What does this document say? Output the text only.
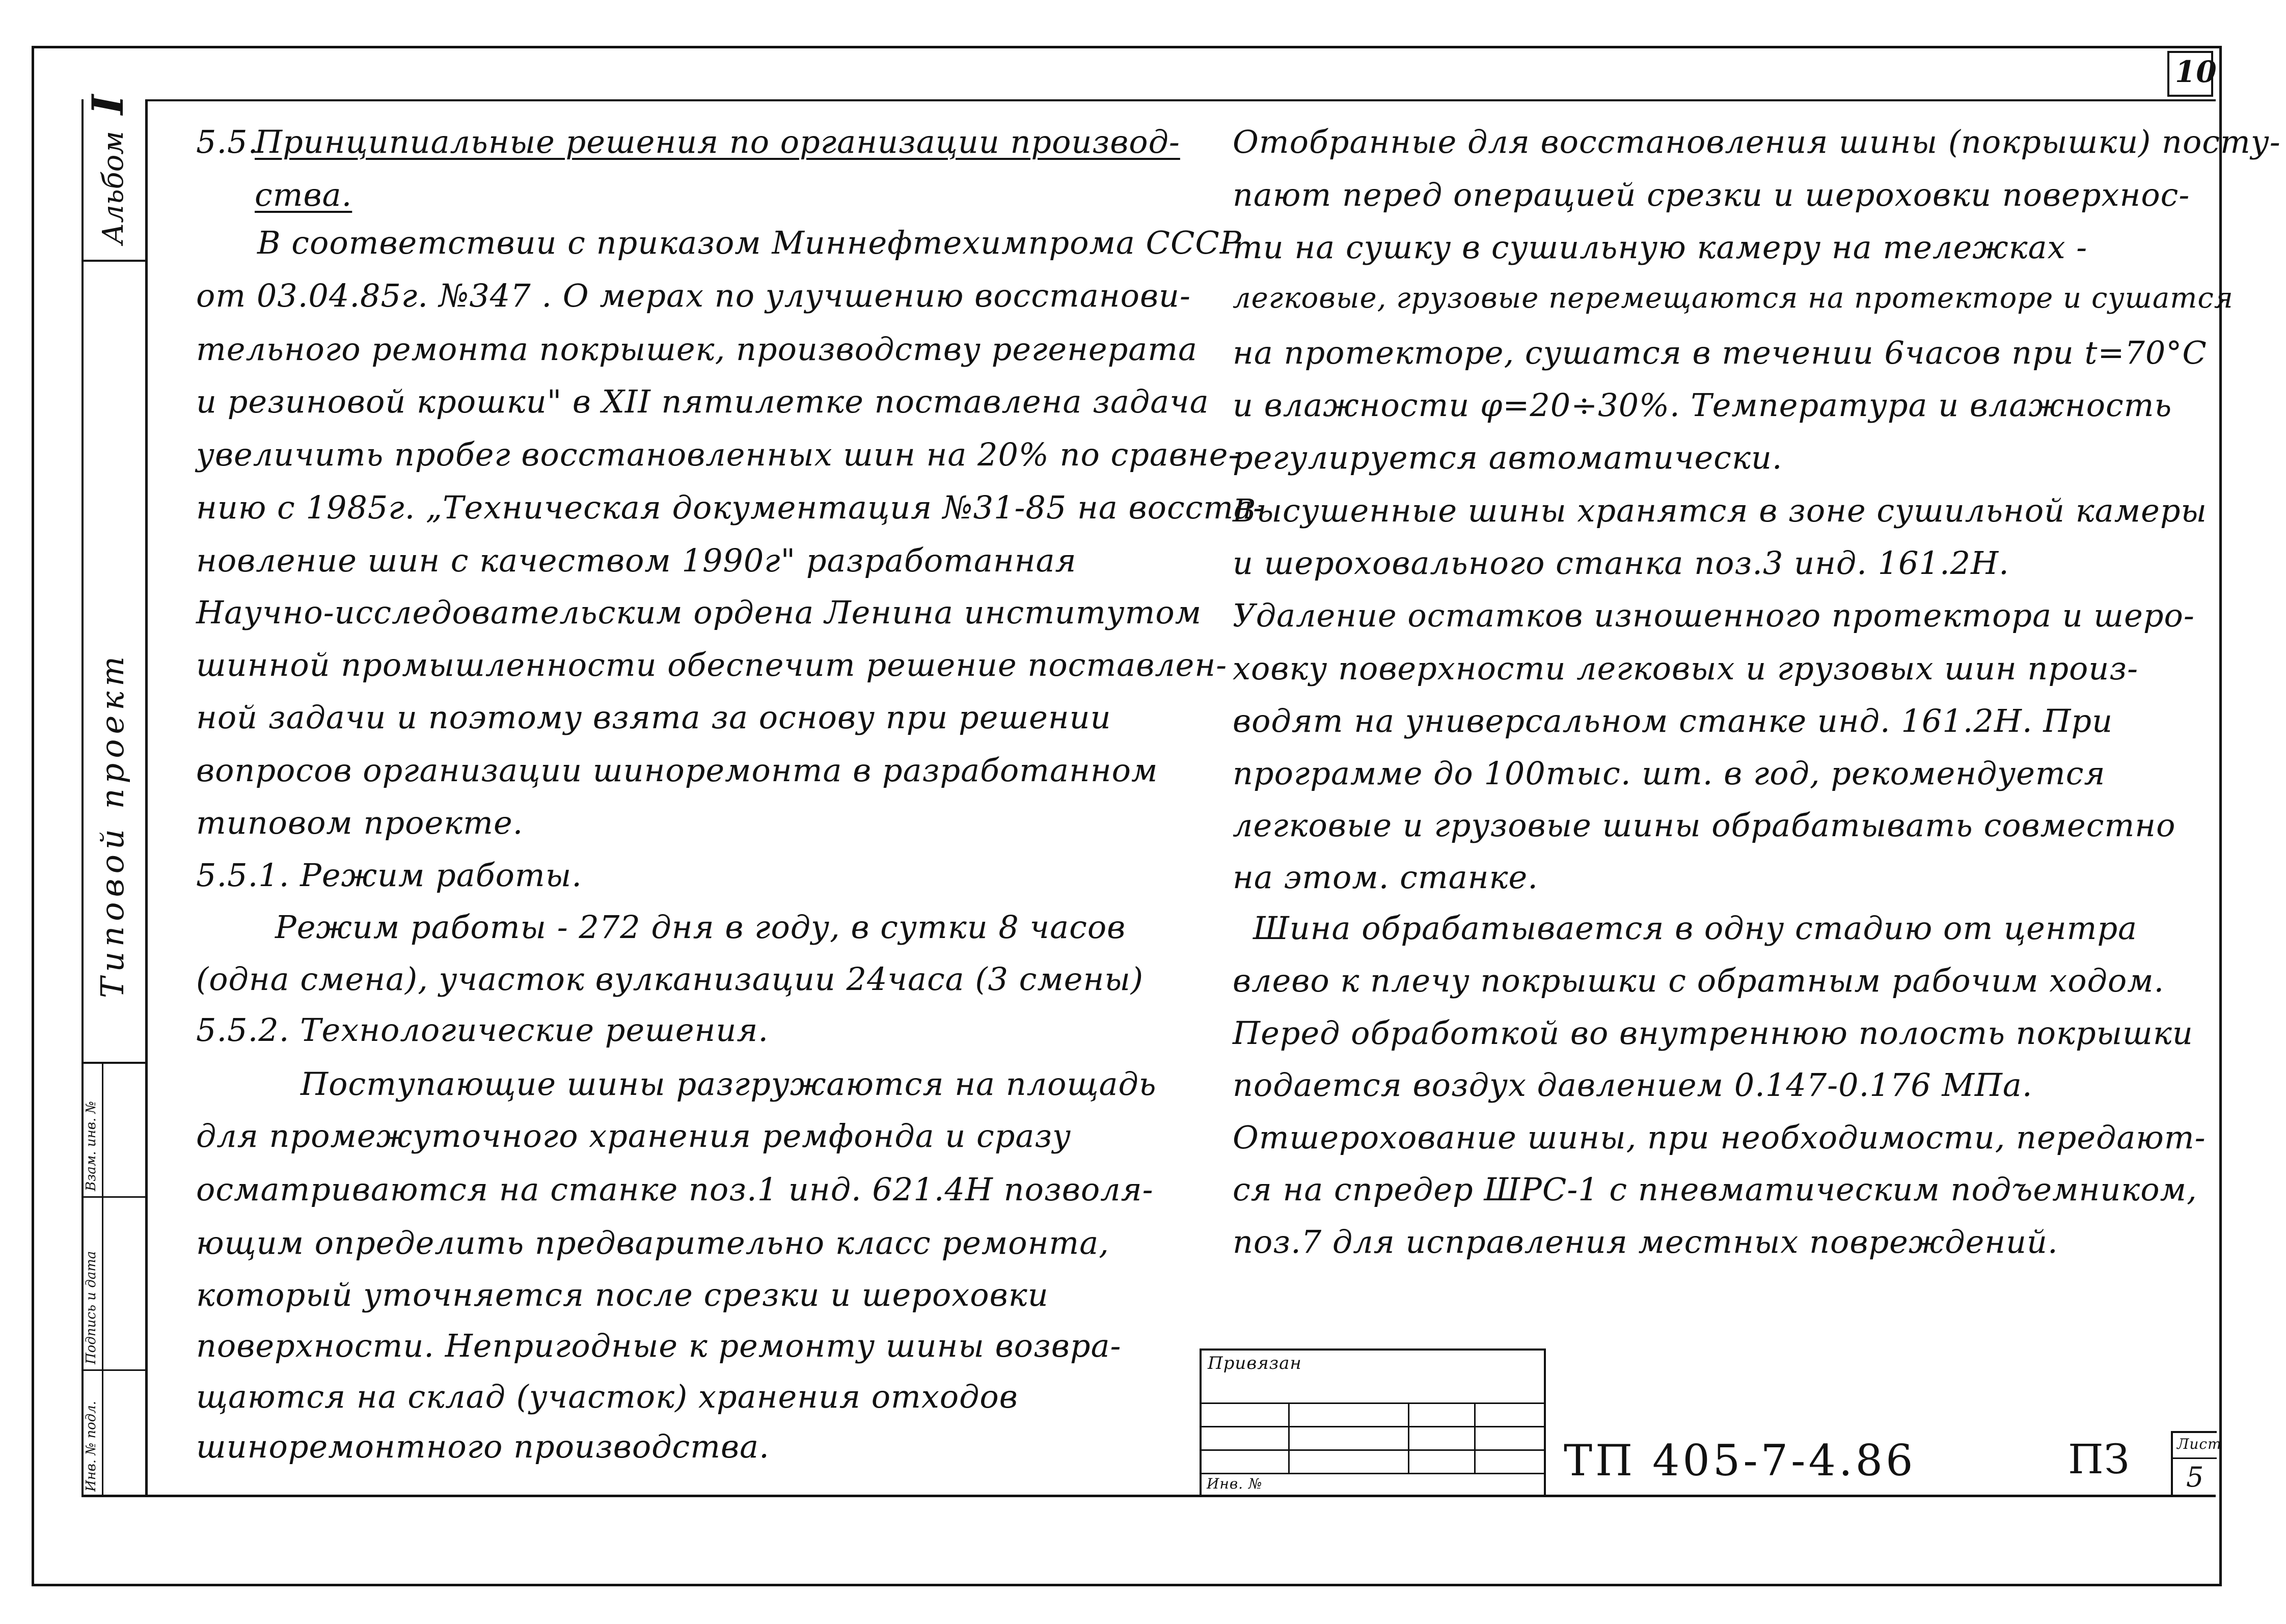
10
Альбом I
Типовой проект
Инв. № подл.
Подпись и дата
Взам. инв. №
5.5.
Принципиальные решения по организации производ-
ства.
В соответствии с приказом Миннефтехимпрома СССР
от 03.04.85г. №347 . О мерах по улучшению восстанови-
тельного ремонта покрышек, производству регенерата
и резиновой крошки" в XII пятилетке поставлена задача
увеличить пробег восстановленных шин на 20% по сравне-
нию с 1985г. „Техническая документация №31-85 на восста-
новление шин с качеством 1990г" разработанная
Научно-исследовательским ордена Ленина институтом
шинной промышленности обеспечит решение поставлен-
ной задачи и поэтому взята за основу при решении
вопросов организации шиноремонта в разработанном
типовом проекте.
5.5.1. Режим работы.
Режим работы - 272 дня в году, в сутки 8 часов
(одна смена), участок вулканизации 24часа (3 смены)
5.5.2. Технологические решения.
Поступающие шины разгружаются на площадь
для промежуточного хранения ремфонда и сразу
осматриваются на станке поз.1 инд. 621.4Н позволя-
ющим определить предварительно класс ремонта,
который уточняется после срезки и шероховки
поверхности. Непригодные к ремонту шины возвра-
щаются на склад (участок) хранения отходов
шиноремонтного производства.
Отобранные для восстановления шины (покрышки) посту-
пают перед операцией срезки и шероховки поверхнос-
ти на сушку в сушильную камеру на тележках -
легковые, грузовые перемещаются на протекторе и сушатся
на протекторе, сушатся в течении 6часов при t=70°С
и влажности φ=20÷30%. Температура и влажность
регулируется автоматически.
Высушенные шины хранятся в зоне сушильной камеры
и шероховального станка поз.3 инд. 161.2Н.
Удаление остатков изношенного протектора и шеро-
ховку поверхности легковых и грузовых шин произ-
водят на универсальном станке инд. 161.2Н. При
программе до 100тыс. шт. в год, рекомендуется
легковые и грузовые шины обрабатывать совместно
на этом. станке.
Шина обрабатывается в одну стадию от центра
влево к плечу покрышки с обратным рабочим ходом.
Перед обработкой во внутреннюю полость покрышки
подается воздух давлением 0.147-0.176 МПа.
Отшерохование шины, при необходимости, передают-
ся на спредер ШРС-1 с пневматическим подъемником,
поз.7 для исправления местных повреждений.
Привязан
Инв. №	ТП 405-7-4.86	ПЗ	Лист
5
